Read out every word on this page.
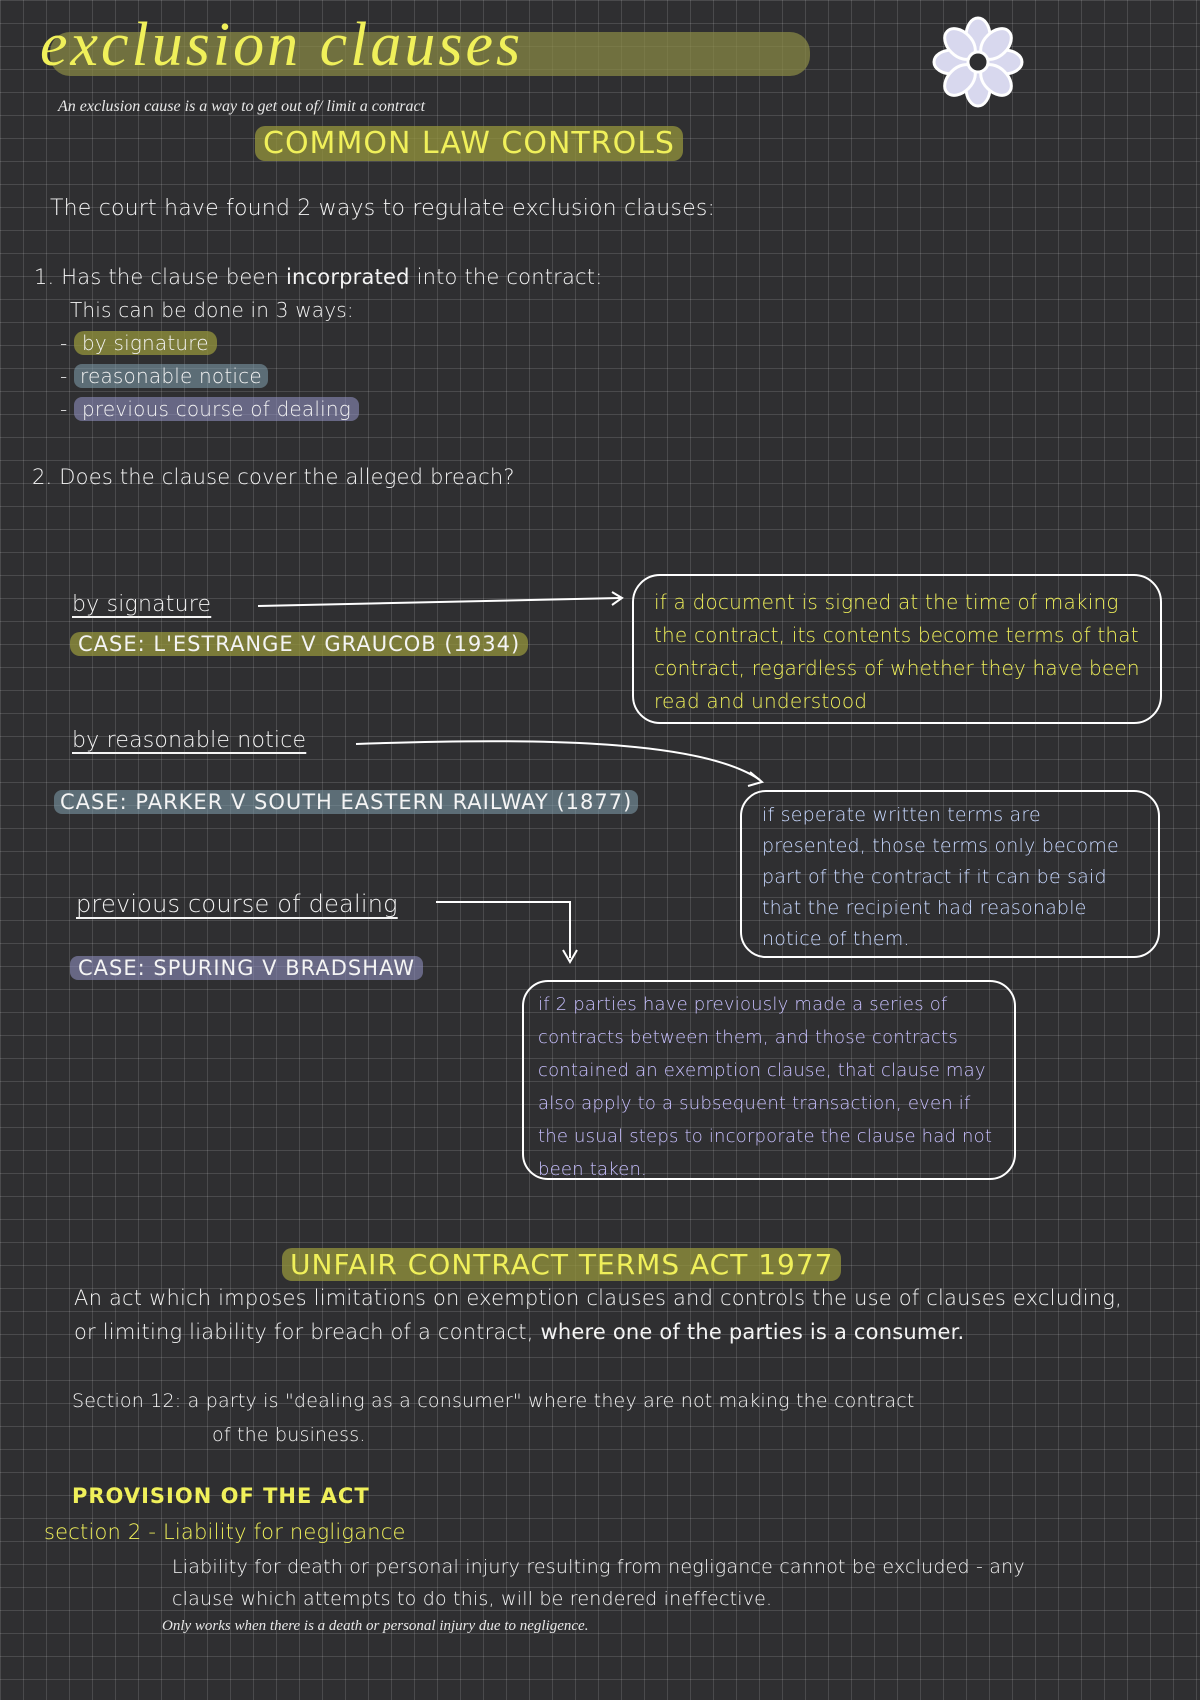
exclusion clauses
An exclusion cause is a way to get out of/ limit a contract
COMMON LAW CONTROLS
The court have found 2 ways to regulate exclusion clauses:
1. Has the clause been incorprated into the contract:
This can be done in 3 ways:
- by signature
- reasonable notice
- previous course of dealing
2. Does the clause cover the alleged breach?
by signature
CASE: L'ESTRANGE V GRAUCOB (1934)
if a document is signed at the time of making the contract, its contents become terms of that contract, regardless of whether they have been read and understood
by reasonable notice
CASE: PARKER V SOUTH EASTERN RAILWAY (1877)
if seperate written terms are presented, those terms only become part of the contract if it can be said that the recipient had reasonable notice of them.
previous course of dealing
CASE: SPURING V BRADSHAW
if 2 parties have previously made a series of contracts between them, and those contracts contained an exemption clause, that clause may also apply to a subsequent transaction, even if the usual steps to incorporate the clause had not been taken.
UNFAIR CONTRACT TERMS ACT 1977
An act which imposes limitations on exemption clauses and controls the use of clauses excluding,
or limiting liability for breach of a contract, where one of the parties is a consumer.
Section 12: a party is "dealing as a consumer" where they are not making the contract
of the business.
PROVISION OF THE ACT
section 2 - Liability for negligance
Liability for death or personal injury resulting from negligance cannot be excluded - any
clause which attempts to do this, will be rendered ineffective.
Only works when there is a death or personal injury due to negligence.
